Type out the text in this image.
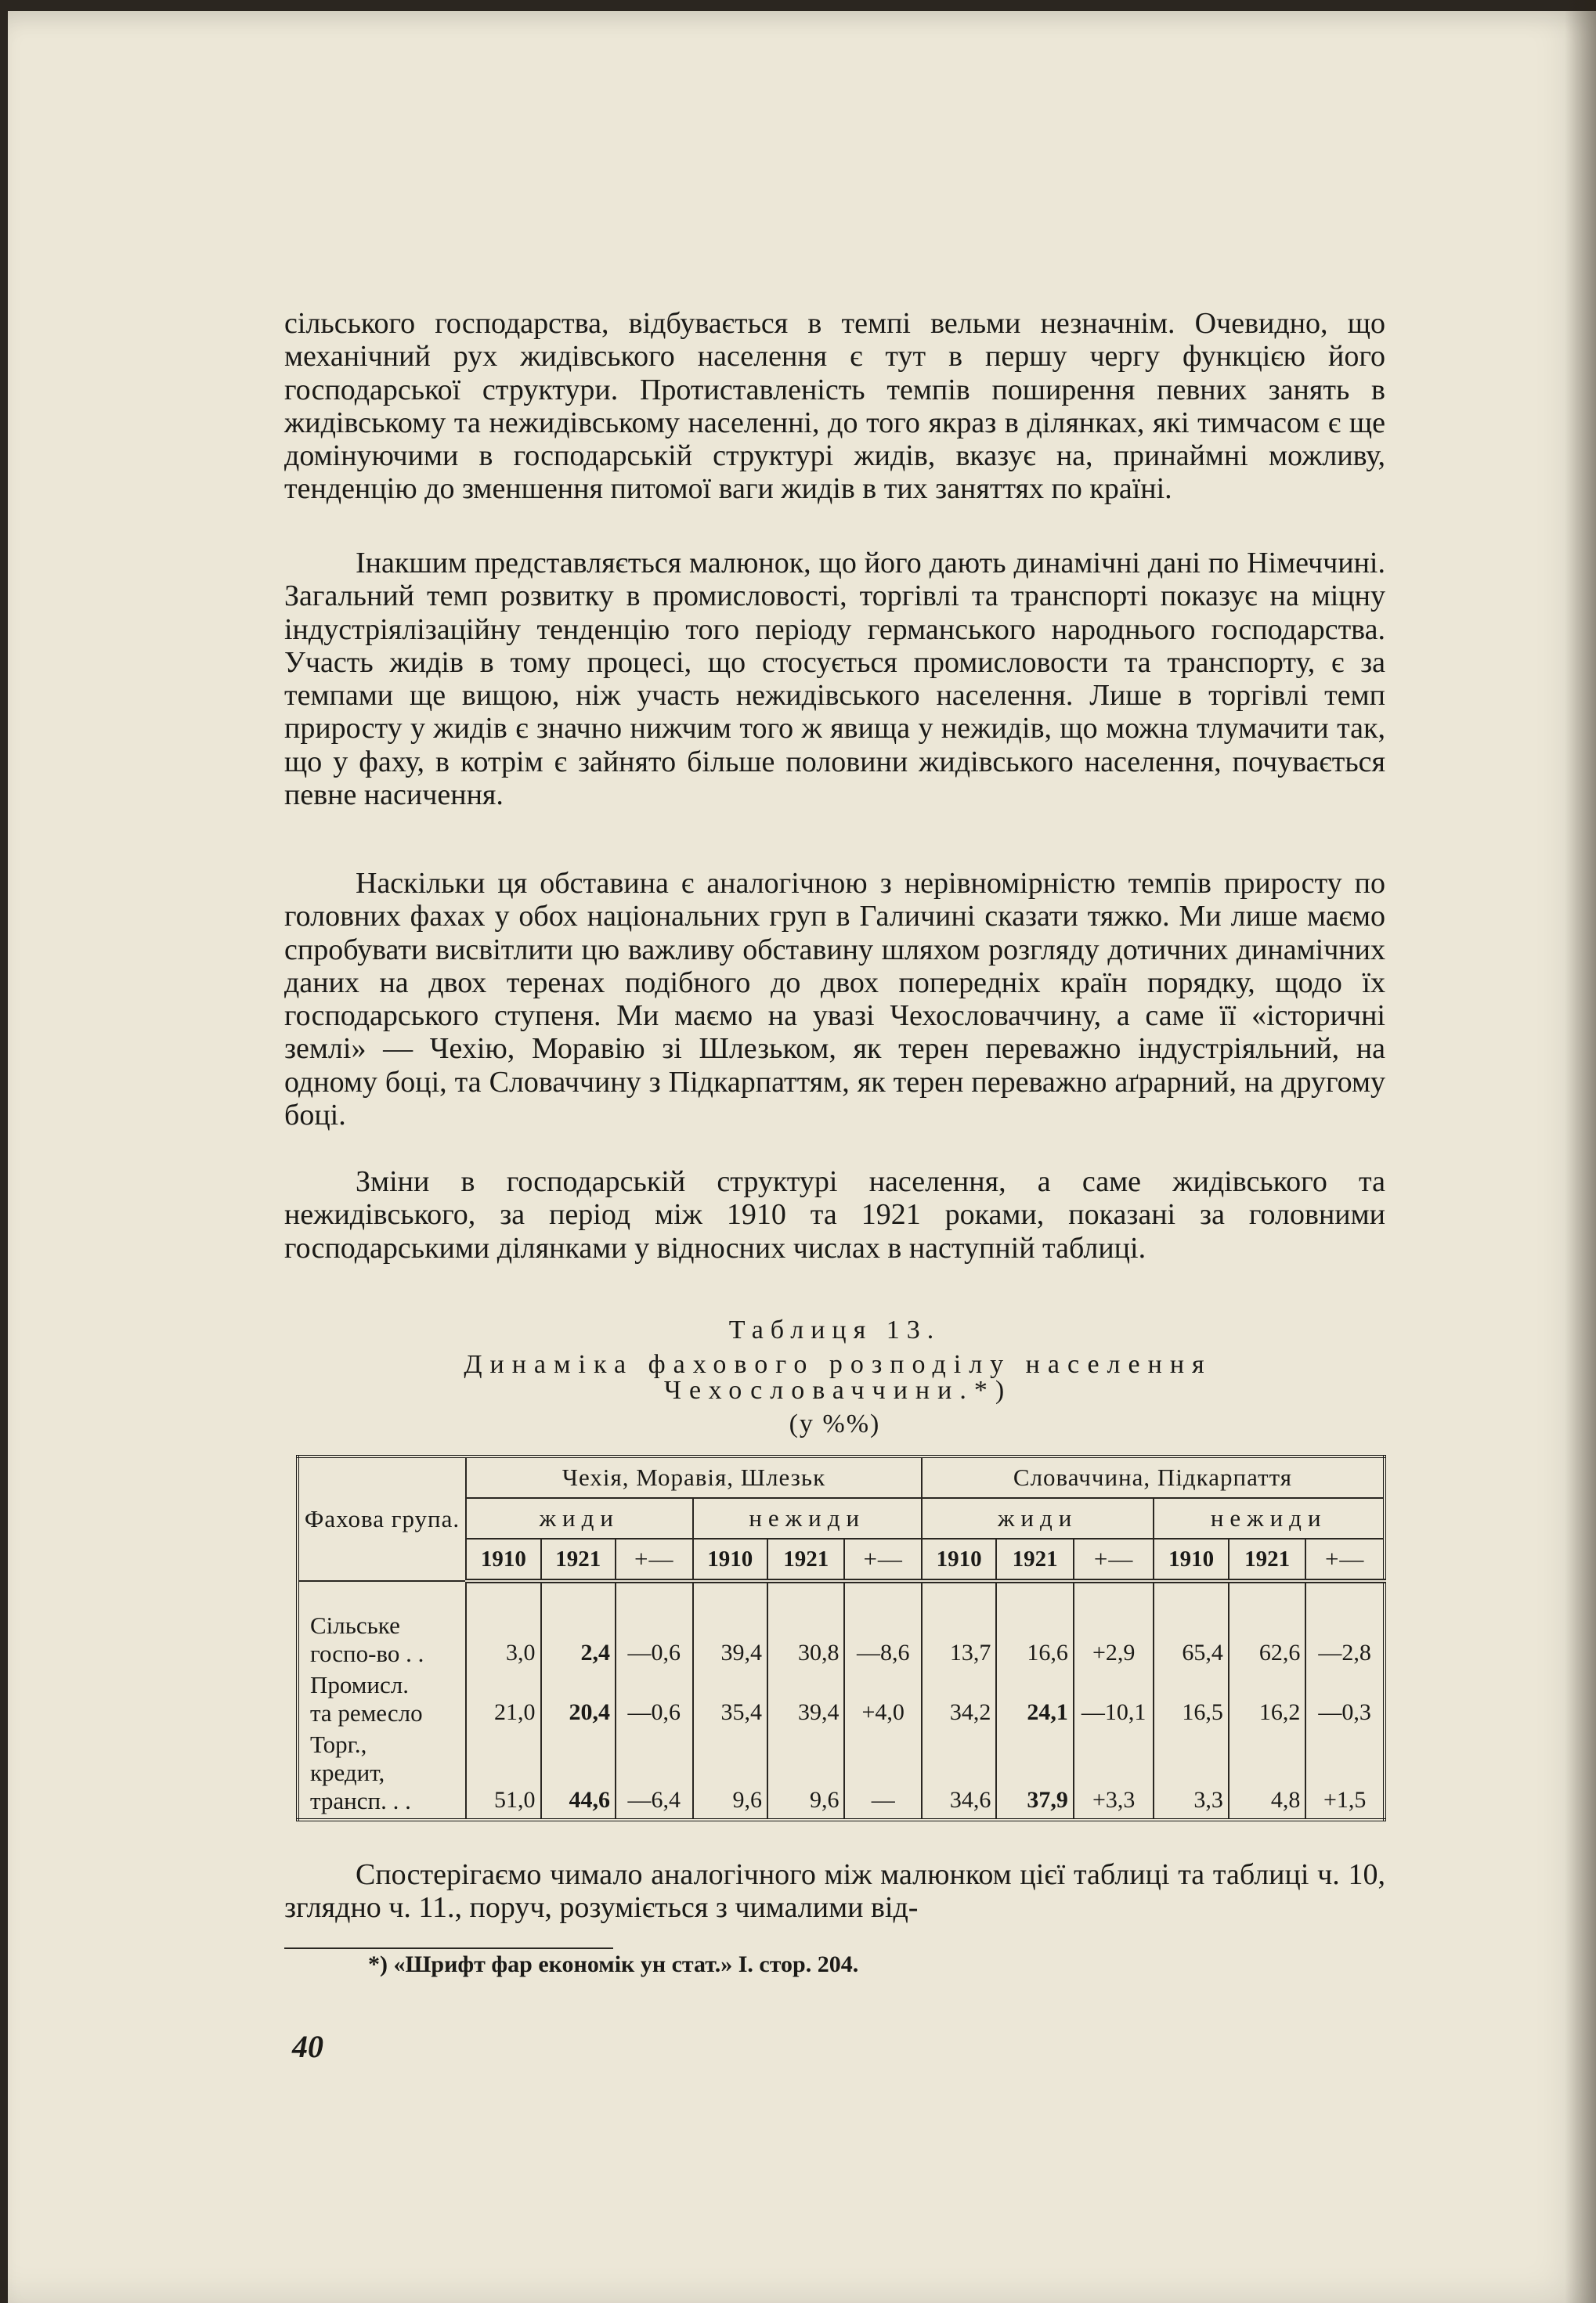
сільського господарства, відбувається в темпі вельми незначнім. Очевидно, що механічний рух жидівського населення є тут в першу чергу функцією його господарської структури. Протиставленість темпів поширення певних занять в жидівському та нежидівському населенні, до того якраз в ділянках, які тимчасом є ще домінуючими в господарській структурі жидів, вказує на, принаймні можливу, тенденцію до зменшення питомої ваги жидів в тих заняттях по країні.
Інакшим представляється малюнок, що його дають динамічні дані по Німеччині. Загальний темп розвитку в промисловості, торгівлі та транспорті показує на міцну індустріялізаційну тенденцію того періоду германського народнього господарства. Участь жидів в тому процесі, що стосується промисловости та транспорту, є за темпами ще вищою, ніж участь нежидівського населення. Лише в торгівлі темп приросту у жидів є значно нижчим того ж явища у нежидів, що можна тлумачити так, що у фаху, в котрім є зайнято більше половини жидівського населення, почувається певне насичення.
Наскільки ця обставина є аналогічною з нерівномірністю темпів приросту по головних фахах у обох національних груп в Галичині сказати тяжко. Ми лише маємо спробувати висвітлити цю важливу обставину шляхом розгляду дотичних динамічних даних на двох теренах подібного до двох попередніх країн порядку, щодо їх господарського ступеня. Ми маємо на увазі Чехословаччину, а саме її «історичні землі» — Чехію, Моравію зі Шлезьком, як терен переважно індустріяльний, на одному боці, та Словаччину з Підкарпаттям, як терен переважно аґрарний, на другому боці.
Зміни в господарській структурі населення, а саме жидівського та нежидівського, за період між 1910 та 1921 роками, показані за головними господарськими ділянками у відносних числах в наступній таблиці.
Таблиця 13.
Динаміка фахового розподілу населення Чехословаччини.*)
(у %%)
Фахова група.	Чехія, Моравія, Шлезьк						Словаччина, Підкарпаття					
	жиди			нежиди			жиди			нежиди		
	1910	1921	+—	1910	1921	+—	1910	1921	+—	1910	1921	+—

Сільське
госпо-во . .	3,0	2,4	—0,6	39,4	30,8	—8,6	13,7	16,6	+2,9	65,4	62,6	—2,8

Промисл.
та ремесло	21,0	20,4	—0,6	35,4	39,4	+4,0	34,2	24,1	—10,1	16,5	16,2	—0,3

Торг.,
кредит,
трансп. . .	51,0	44,6	—6,4	9,6	9,6	—	34,6	37,9	+3,3	3,3	4,8	+1,5
Спостерігаємо чимало аналогічного між малюнком цієї таблиці та таблиці ч. 10, зглядно ч. 11., поруч, розуміється з чималими від-
*) «Шрифт фар економік ун стат.» I. стор. 204.
40
